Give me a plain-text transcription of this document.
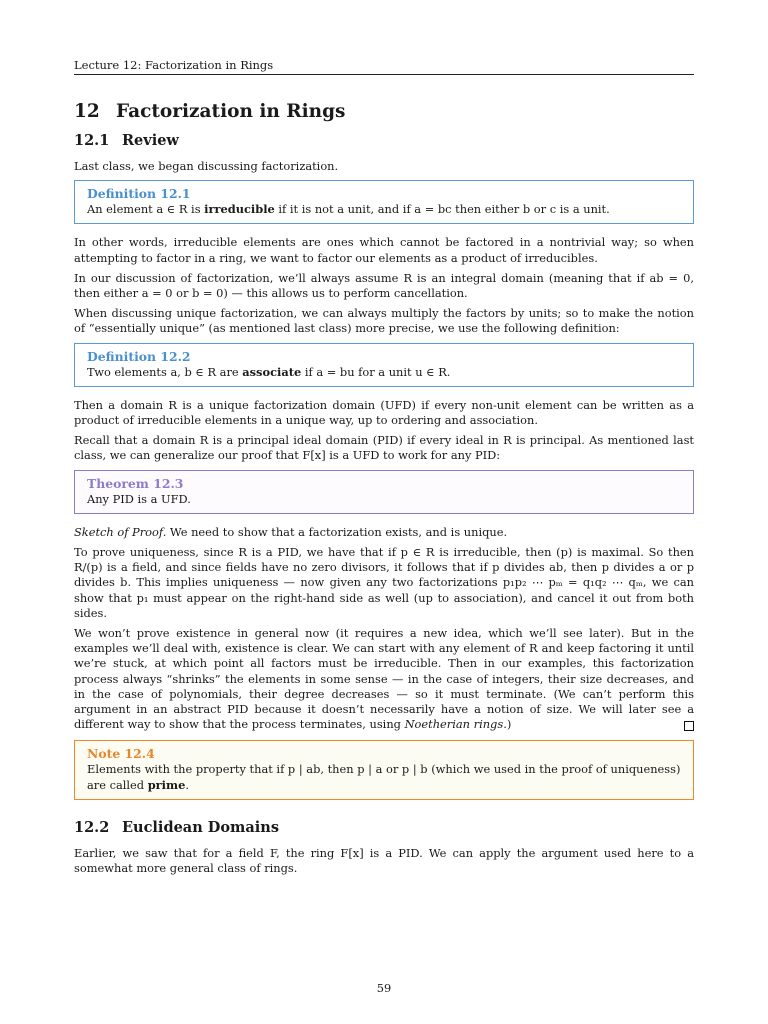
Lecture 12: Factorization in Rings
12 Factorization in Rings
12.1 Review

Last class, we began discussing factorization.

Definition 12.1

An element a ∈ R is irreducible if it is not a unit, and if a = bc then either b or c is a unit.

In other words, irreducible elements are ones which cannot be factored in a nontrivial way; so when attempting to factor in a ring, we want to factor our elements as a product of irreducibles.

In our discussion of factorization, we’ll always assume R is an integral domain (meaning that if ab = 0, then either a = 0 or b = 0) — this allows us to perform cancellation.

When discussing unique factorization, we can always multiply the factors by units; so to make the notion of “essentially unique” (as mentioned last class) more precise, we use the following definition:

Definition 12.2

Two elements a, b ∈ R are associate if a = bu for a unit u ∈ R.

Then a domain R is a unique factorization domain (UFD) if every non-unit element can be written as a product of irreducible elements in a unique way, up to ordering and association.

Recall that a domain R is a principal ideal domain (PID) if every ideal in R is principal. As mentioned last class, we can generalize our proof that F[x] is a UFD to work for any PID:

Theorem 12.3

Any PID is a UFD.

Sketch of Proof. We need to show that a factorization exists, and is unique.

To prove uniqueness, since R is a PID, we have that if p ∈ R is irreducible, then (p) is maximal. So then R/(p) is a field, and since fields have no zero divisors, it follows that if p divides ab, then p divides a or p divides b. This implies uniqueness — now given any two factorizations p₁p₂ ⋯ pₘ = q₁q₂ ⋯ qₘ, we can show that p₁ must appear on the right-hand side as well (up to association), and cancel it out from both sides.

We won’t prove existence in general now (it requires a new idea, which we’ll see later). But in the examples we’ll deal with, existence is clear. We can start with any element of R and keep factoring it until we’re stuck, at which point all factors must be irreducible. Then in our examples, this factorization process always “shrinks” the elements in some sense — in the case of integers, their size decreases, and in the case of polynomials, their degree decreases — so it must terminate. (We can’t perform this argument in an abstract PID because it doesn’t necessarily have a notion of size. We will later see a different way to show that the process terminates, using Noetherian rings.)

Note 12.4

Elements with the property that if p | ab, then p | a or p | b (which we used in the proof of uniqueness) are called prime.

12.2 Euclidean Domains

Earlier, we saw that for a field F, the ring F[x] is a PID. We can apply the argument used here to a somewhat more general class of rings.

59
